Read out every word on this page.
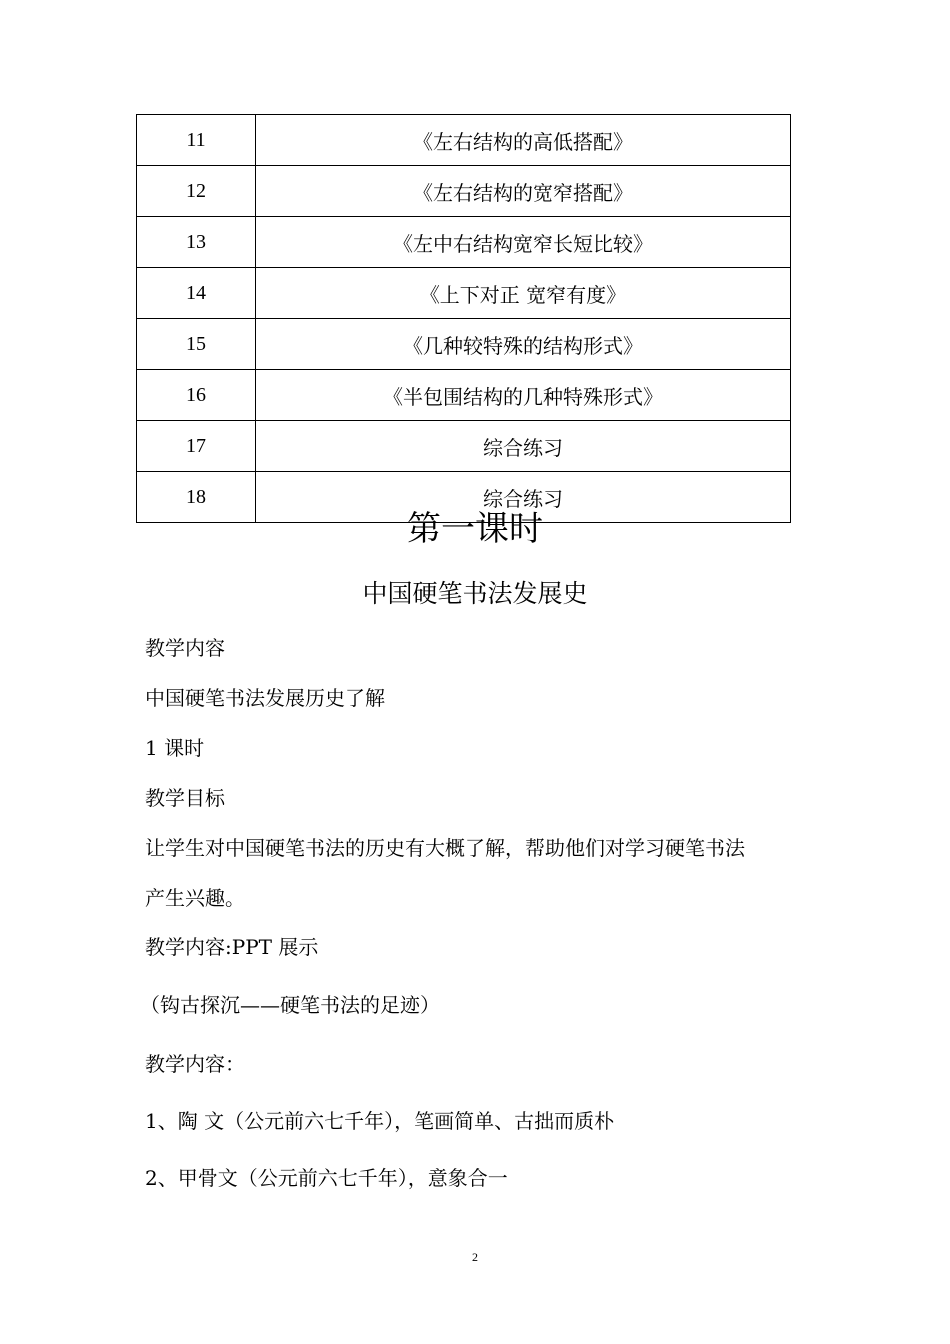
11	《左右结构的高低搭配》
12	《左右结构的宽窄搭配》
13	《左中右结构宽窄长短比较》
14	《上下对正 宽窄有度》
15	《几种较特殊的结构形式》
16	《半包围结构的几种特殊形式》
17	综合练习
18	综合练习
第一课时
中国硬笔书法发展史
教学内容
中国硬笔书法发展历史了解
1 课时
教学目标
让学生对中国硬笔书法的历史有大概了解，帮助他们对学习硬笔书法
产生兴趣。
教学内容:PPT 展示
（钩古探沉——硬笔书法的足迹）
教学内容：
1、陶 文（公元前六七千年），笔画简单、古拙而质朴
2、甲骨文（公元前六七千年），意象合一
2
